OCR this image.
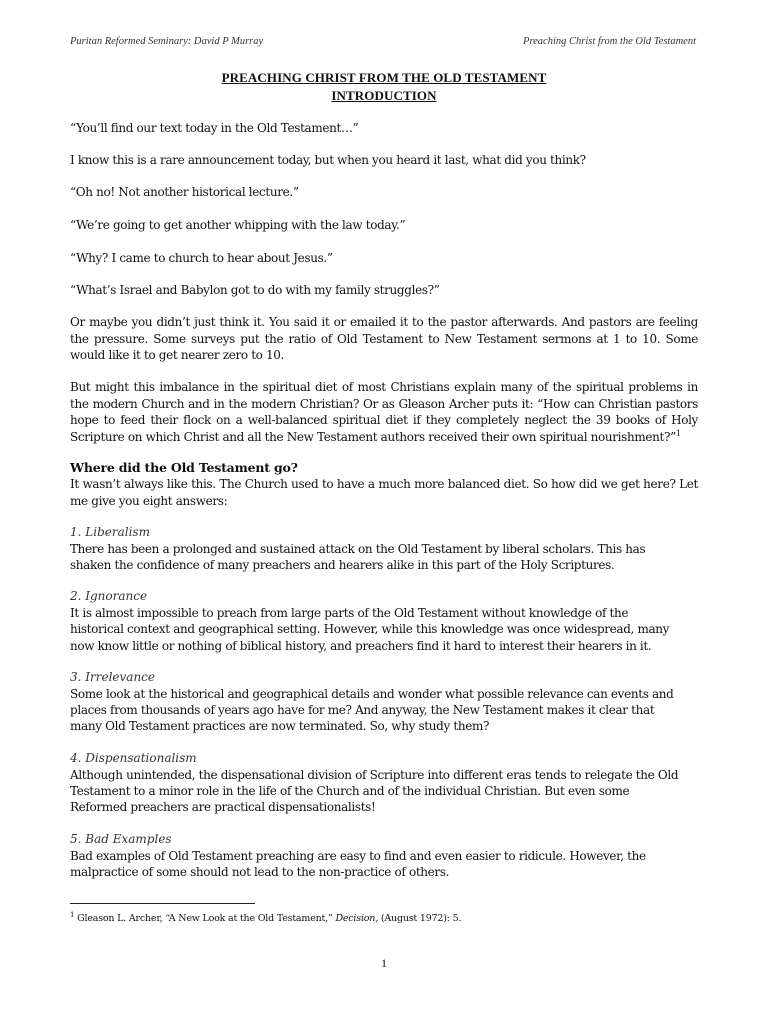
Puritan Reformed Seminary: David P Murray	Preaching Christ from the Old Testament
PREACHING CHRIST FROM THE OLD TESTAMENT
INTRODUCTION
“You’ll find our text today in the Old Testament…”
I know this is a rare announcement today, but when you heard it last, what did you think?
“Oh no! Not another historical lecture.”
“We’re going to get another whipping with the law today.”
“Why? I came to church to hear about Jesus.”
“What’s Israel and Babylon got to do with my family struggles?”
Or maybe you didn’t just think it. You said it or emailed it to the pastor afterwards. And pastors are feeling the pressure. Some surveys put the ratio of Old Testament to New Testament sermons at 1 to 10. Some would like it to get nearer zero to 10.
But might this imbalance in the spiritual diet of most Christians explain many of the spiritual problems in the modern Church and in the modern Christian? Or as Gleason Archer puts it: “How can Christian pastors hope to feed their flock on a well-balanced spiritual diet if they completely neglect the 39 books of Holy Scripture on which Christ and all the New Testament authors received their own spiritual nourishment?”$^1$
Where did the Old Testament go?
It wasn’t always like this. The Church used to have a much more balanced diet. So how did we get here? Let me give you eight answers:
1. Liberalism
There has been a prolonged and sustained attack on the Old Testament by liberal scholars. This has
shaken the confidence of many preachers and hearers alike in this part of the Holy Scriptures.
2. Ignorance
It is almost impossible to preach from large parts of the Old Testament without knowledge of the
historical context and geographical setting. However, while this knowledge was once widespread, many
now know little or nothing of biblical history, and preachers find it hard to interest their hearers in it.
3. Irrelevance
Some look at the historical and geographical details and wonder what possible relevance can events and
places from thousands of years ago have for me? And anyway, the New Testament makes it clear that
many Old Testament practices are now terminated. So, why study them?
4. Dispensationalism
Although unintended, the dispensational division of Scripture into different eras tends to relegate the Old
Testament to a minor role in the life of the Church and of the individual Christian. But even some
Reformed preachers are practical dispensationalists!
5. Bad Examples
Bad examples of Old Testament preaching are easy to find and even easier to ridicule. However, the
malpractice of some should not lead to the non-practice of others.
$^1$ Gleason L. Archer, “A New Look at the Old Testament,” Decision, (August 1972): 5.
1
